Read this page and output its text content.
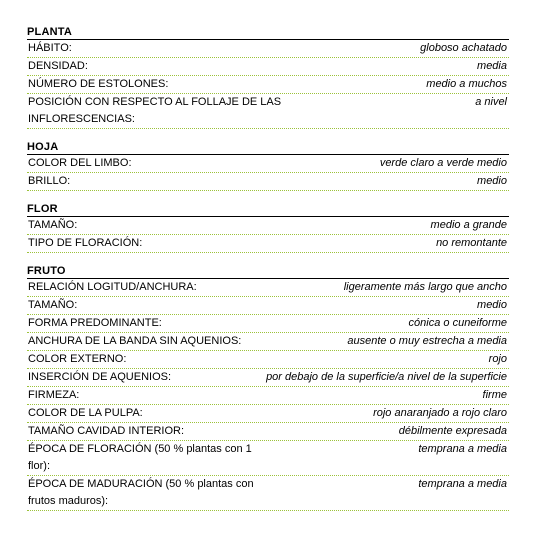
PLANTA
HÁBITO:	globoso achatado
DENSIDAD:	media
NÚMERO DE ESTOLONES:	medio a muchos
POSICIÓN CON RESPECTO AL FOLLAJE DE LAS INFLORESCENCIAS:
a nivel
HOJA
COLOR DEL LIMBO:	verde claro a verde medio
BRILLO:	medio
FLOR
TAMAÑO:	medio a grande
TIPO DE FLORACIÓN:	no remontante
FRUTO
RELACIÓN LOGITUD/ANCHURA:	ligeramente más largo que ancho
TAMAÑO:	medio
FORMA PREDOMINANTE:	cónica o cuneiforme
ANCHURA DE LA BANDA SIN AQUENIOS:	ausente o muy estrecha a media
COLOR EXTERNO:	rojo
INSERCIÓN DE AQUENIOS:	por debajo de la superficie/a nivel de la superficie
FIRMEZA:	firme
COLOR DE LA PULPA:	rojo anaranjado a rojo claro
TAMAÑO CAVIDAD INTERIOR:	débilmente expresada
ÉPOCA DE FLORACIÓN (50 % plantas con 1 flor):
temprana a media
ÉPOCA DE MADURACIÓN (50 % plantas con frutos maduros):
temprana a media
